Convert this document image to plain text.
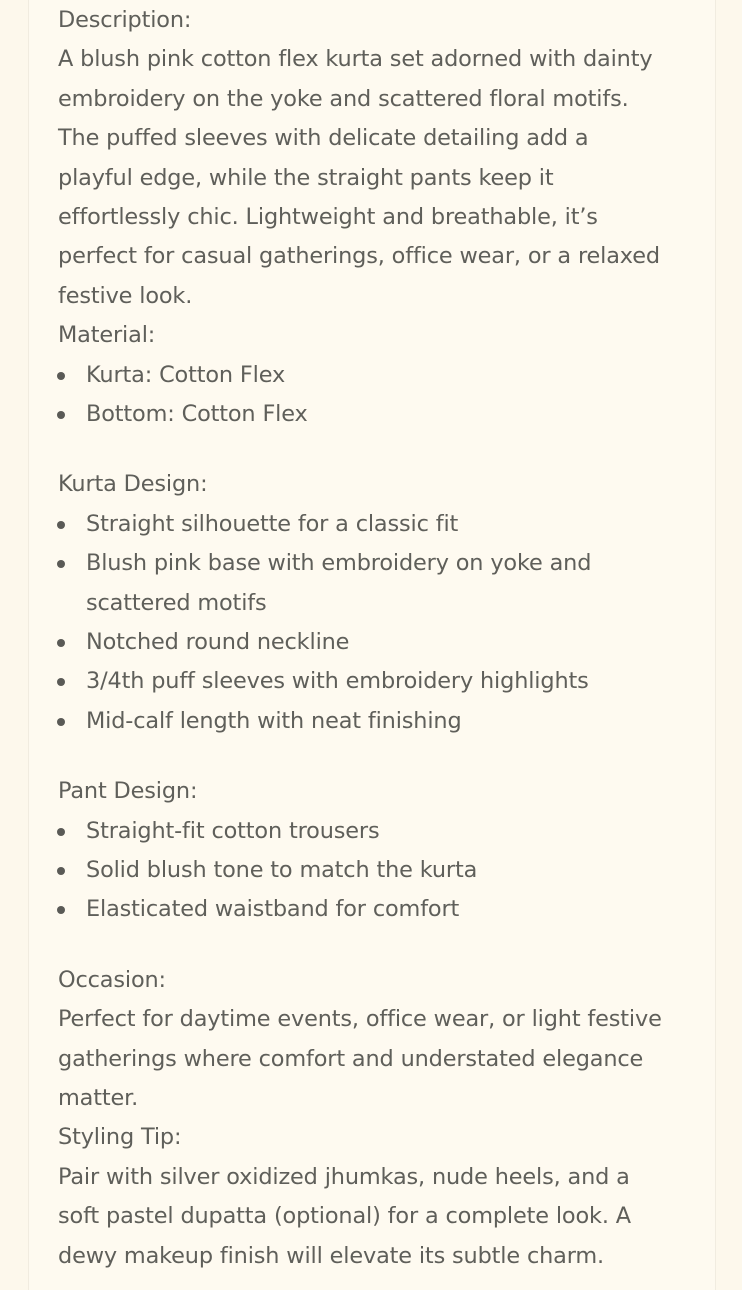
Description:
A blush pink cotton flex kurta set adorned with dainty
embroidery on the yoke and scattered floral motifs.
The puffed sleeves with delicate detailing add a
playful edge, while the straight pants keep it
effortlessly chic. Lightweight and breathable, it’s
perfect for casual gatherings, office wear, or a relaxed
festive look.
Material:
Kurta: Cotton Flex
Bottom: Cotton Flex
Kurta Design:
Straight silhouette for a classic fit
Blush pink base with embroidery on yoke and
scattered motifs
Notched round neckline
3/4th puff sleeves with embroidery highlights
Mid-calf length with neat finishing
Pant Design:
Straight-fit cotton trousers
Solid blush tone to match the kurta
Elasticated waistband for comfort
Occasion:
Perfect for daytime events, office wear, or light festive
gatherings where comfort and understated elegance
matter.
Styling Tip:
Pair with silver oxidized jhumkas, nude heels, and a
soft pastel dupatta (optional) for a complete look. A
dewy makeup finish will elevate its subtle charm.
